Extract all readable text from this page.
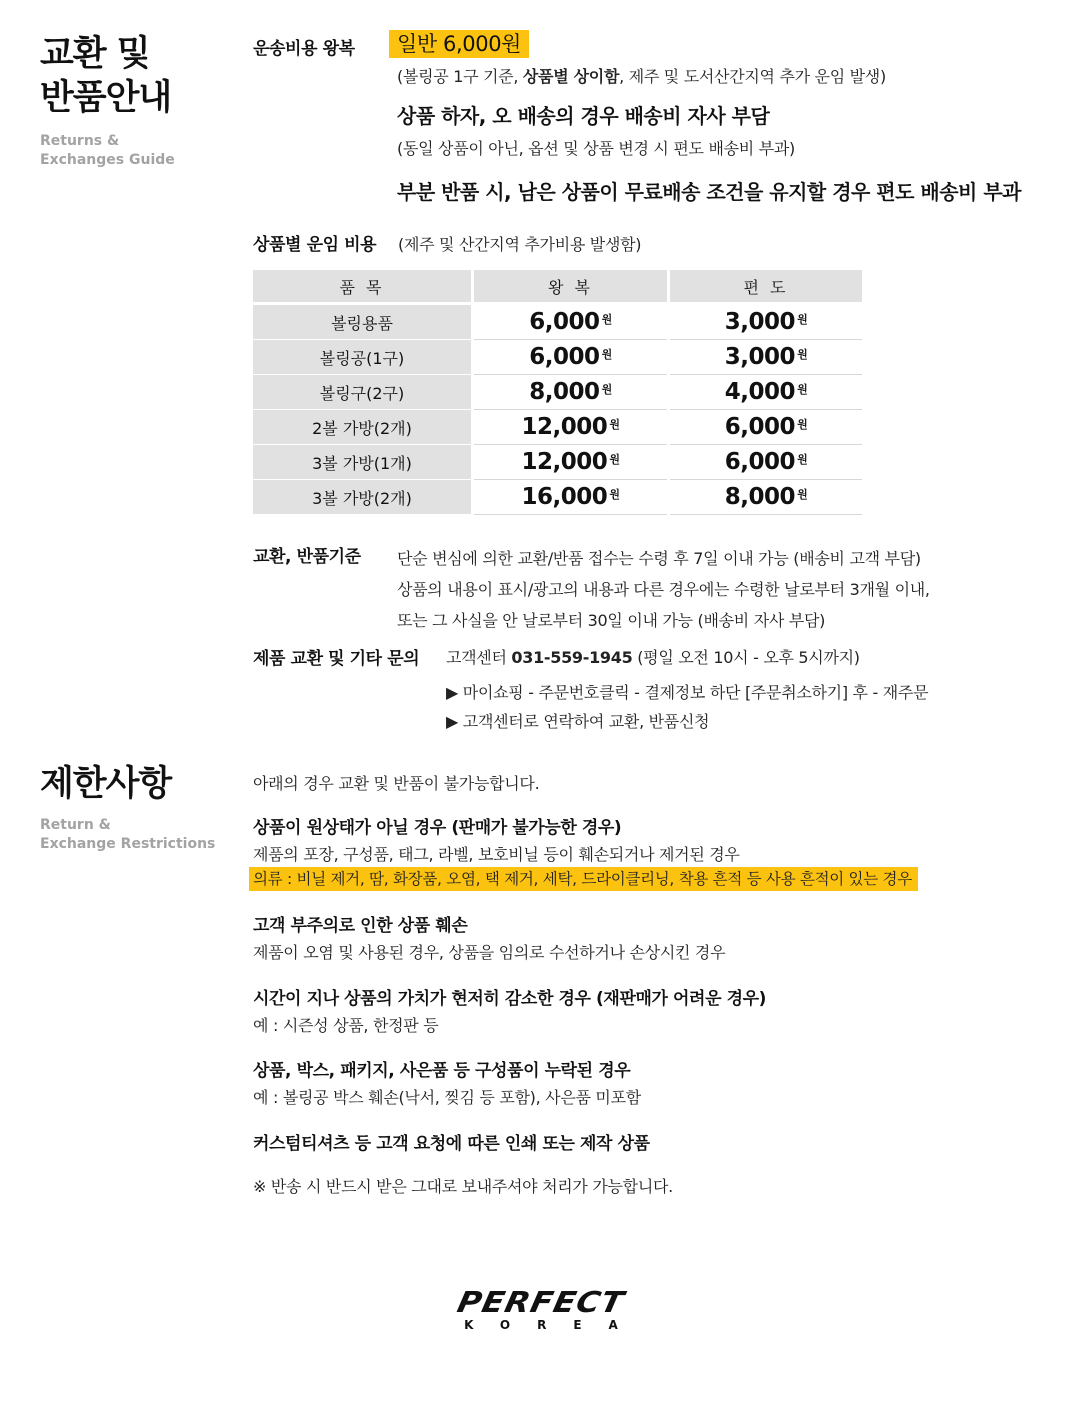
교환 및
반품안내
Returns &
Exchanges Guide
운송비용 왕복	일반 6,000원
(볼링공 1구 기준, 상품별 상이함, 제주 및 도서산간지역 추가 운임 발생)
상품 하자, 오 배송의 경우 배송비 자사 부담
(동일 상품이 아닌, 옵션 및 상품 변경 시 편도 배송비 부과)
부분 반품 시, 남은 상품이 무료배송 조건을 유지할 경우 편도 배송비 부과
상품별 운임 비용 (제주 및 산간지역 추가비용 발생함)
품 목	왕 복	편 도
볼링용품	6,000 $^원$	3,000 $^원$
볼링공(1구)	6,000 $^원$	3,000 $^원$
볼링구(2구)	8,000 $^원$	4,000 $^원$
2볼 가방(2개)	12,000 $^원$	6,000 $^원$
3볼 가방(1개)	12,000 $^원$	6,000 $^원$
3볼 가방(2개)	16,000 $^원$	8,000 $^원$
교환, 반품기준 단순 변심에 의한 교환/반품 접수는 수령 후 7일 이내 가능 (배송비 고객 부담)
상품의 내용이 표시/광고의 내용과 다른 경우에는 수령한 날로부터 3개월 이내,
또는 그 사실을 안 날로부터 30일 이내 가능 (배송비 자사 부담)
제품 교환 및 기타 문의 고객센터 031-559-1945 (평일 오전 10시 - 오후 5시까지)
▶ 마이쇼핑 - 주문번호클릭 - 결제정보 하단 [주문취소하기] 후 - 재주문
▶ 고객센터로 연락하여 교환, 반품신청
제한사항
Return &
Exchange Restrictions
아래의 경우 교환 및 반품이 불가능합니다.
상품이 원상태가 아닐 경우 (판매가 불가능한 경우)
제품의 포장, 구성품, 태그, 라벨, 보호비닐 등이 훼손되거나 제거된 경우
의류 : 비닐 제거, 땀, 화장품, 오염, 택 제거, 세탁, 드라이클리닝, 착용 흔적 등 사용 흔적이 있는 경우
고객 부주의로 인한 상품 훼손
제품이 오염 및 사용된 경우, 상품을 임의로 수선하거나 손상시킨 경우
시간이 지나 상품의 가치가 현저히 감소한 경우 (재판매가 어려운 경우)
예 : 시즌성 상품, 한정판 등
상품, 박스, 패키지, 사은품 등 구성품이 누락된 경우
예 : 볼링공 박스 훼손(낙서, 찢김 등 포함), 사은품 미포함
커스텀티셔츠 등 고객 요청에 따른 인쇄 또는 제작 상품
※ 반송 시 반드시 받은 그대로 보내주셔야 처리가 가능합니다.
PERFECT
KOREA
